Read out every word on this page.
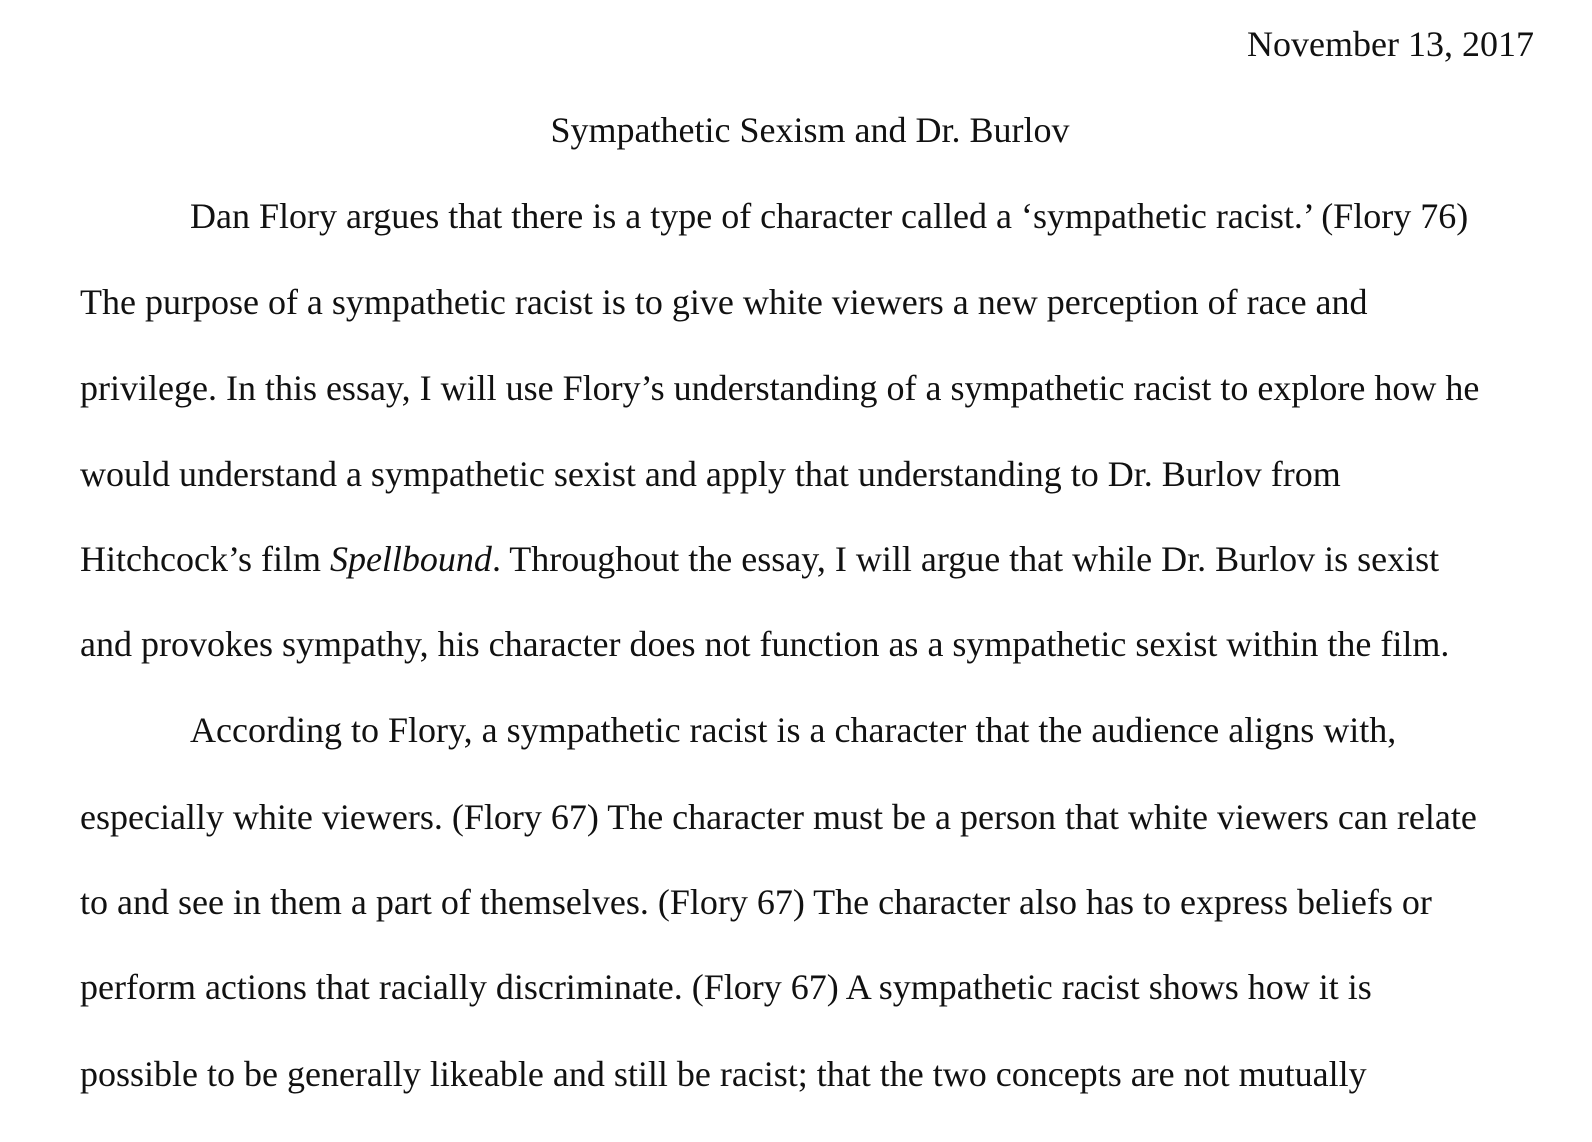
November 13, 2017
Sympathetic Sexism and Dr. Burlov
Dan Flory argues that there is a type of character called a ‘sympathetic racist.’ (Flory 76)
The purpose of a sympathetic racist is to give white viewers a new perception of race and
privilege. In this essay, I will use Flory’s understanding of a sympathetic racist to explore how he
would understand a sympathetic sexist and apply that understanding to Dr. Burlov from
Hitchcock’s film Spellbound. Throughout the essay, I will argue that while Dr. Burlov is sexist
and provokes sympathy, his character does not function as a sympathetic sexist within the film.
According to Flory, a sympathetic racist is a character that the audience aligns with,
especially white viewers. (Flory 67) The character must be a person that white viewers can relate
to and see in them a part of themselves. (Flory 67) The character also has to express beliefs or
perform actions that racially discriminate. (Flory 67) A sympathetic racist shows how it is
possible to be generally likeable and still be racist; that the two concepts are not mutually
